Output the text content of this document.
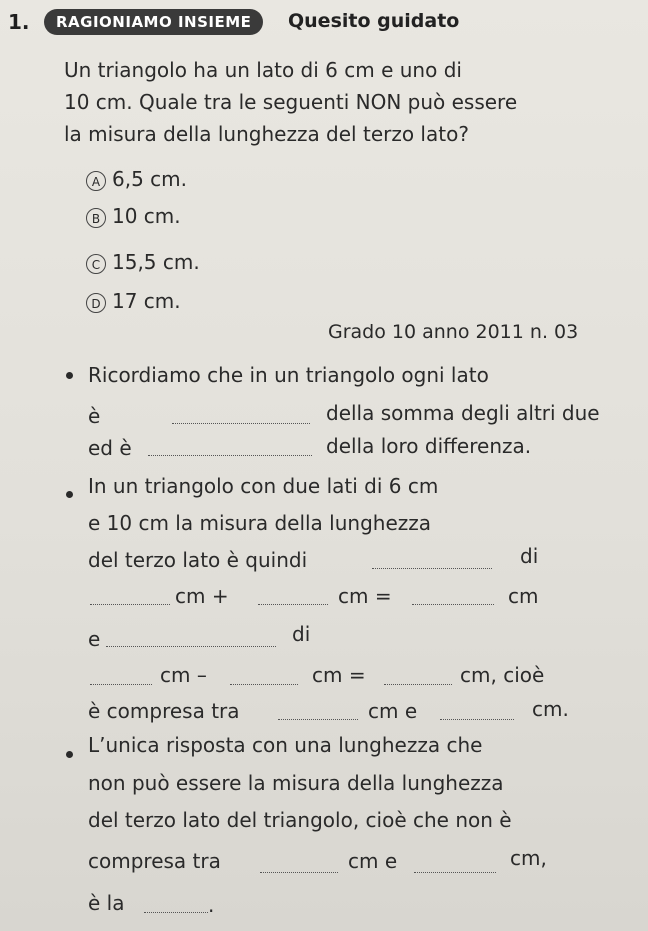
1.	RAGIONIAMO INSIEME	Quesito guidato
Un triangolo ha un lato di 6 cm e uno di
10 cm. Quale tra le seguenti NON può essere
la misura della lunghezza del terzo lato?
A 6,5 cm.
B 10 cm.
C 15,5 cm.
D 17 cm.
Grado 10 anno 2011 n. 03
Ricordiamo che in un triangolo ogni lato
è	della somma degli altri due
ed è	della loro differenza.
In un triangolo con due lati di 6 cm
e 10 cm la misura della lunghezza
del terzo lato è quindi	di
cm +	cm =	cm
e	di
cm –	cm =	cm, cioè
è compresa tra	cm e	cm.
L’unica risposta con una lunghezza che
non può essere la misura della lunghezza
del terzo lato del triangolo, cioè che non è
compresa tra	cm e	cm,
è la	.
